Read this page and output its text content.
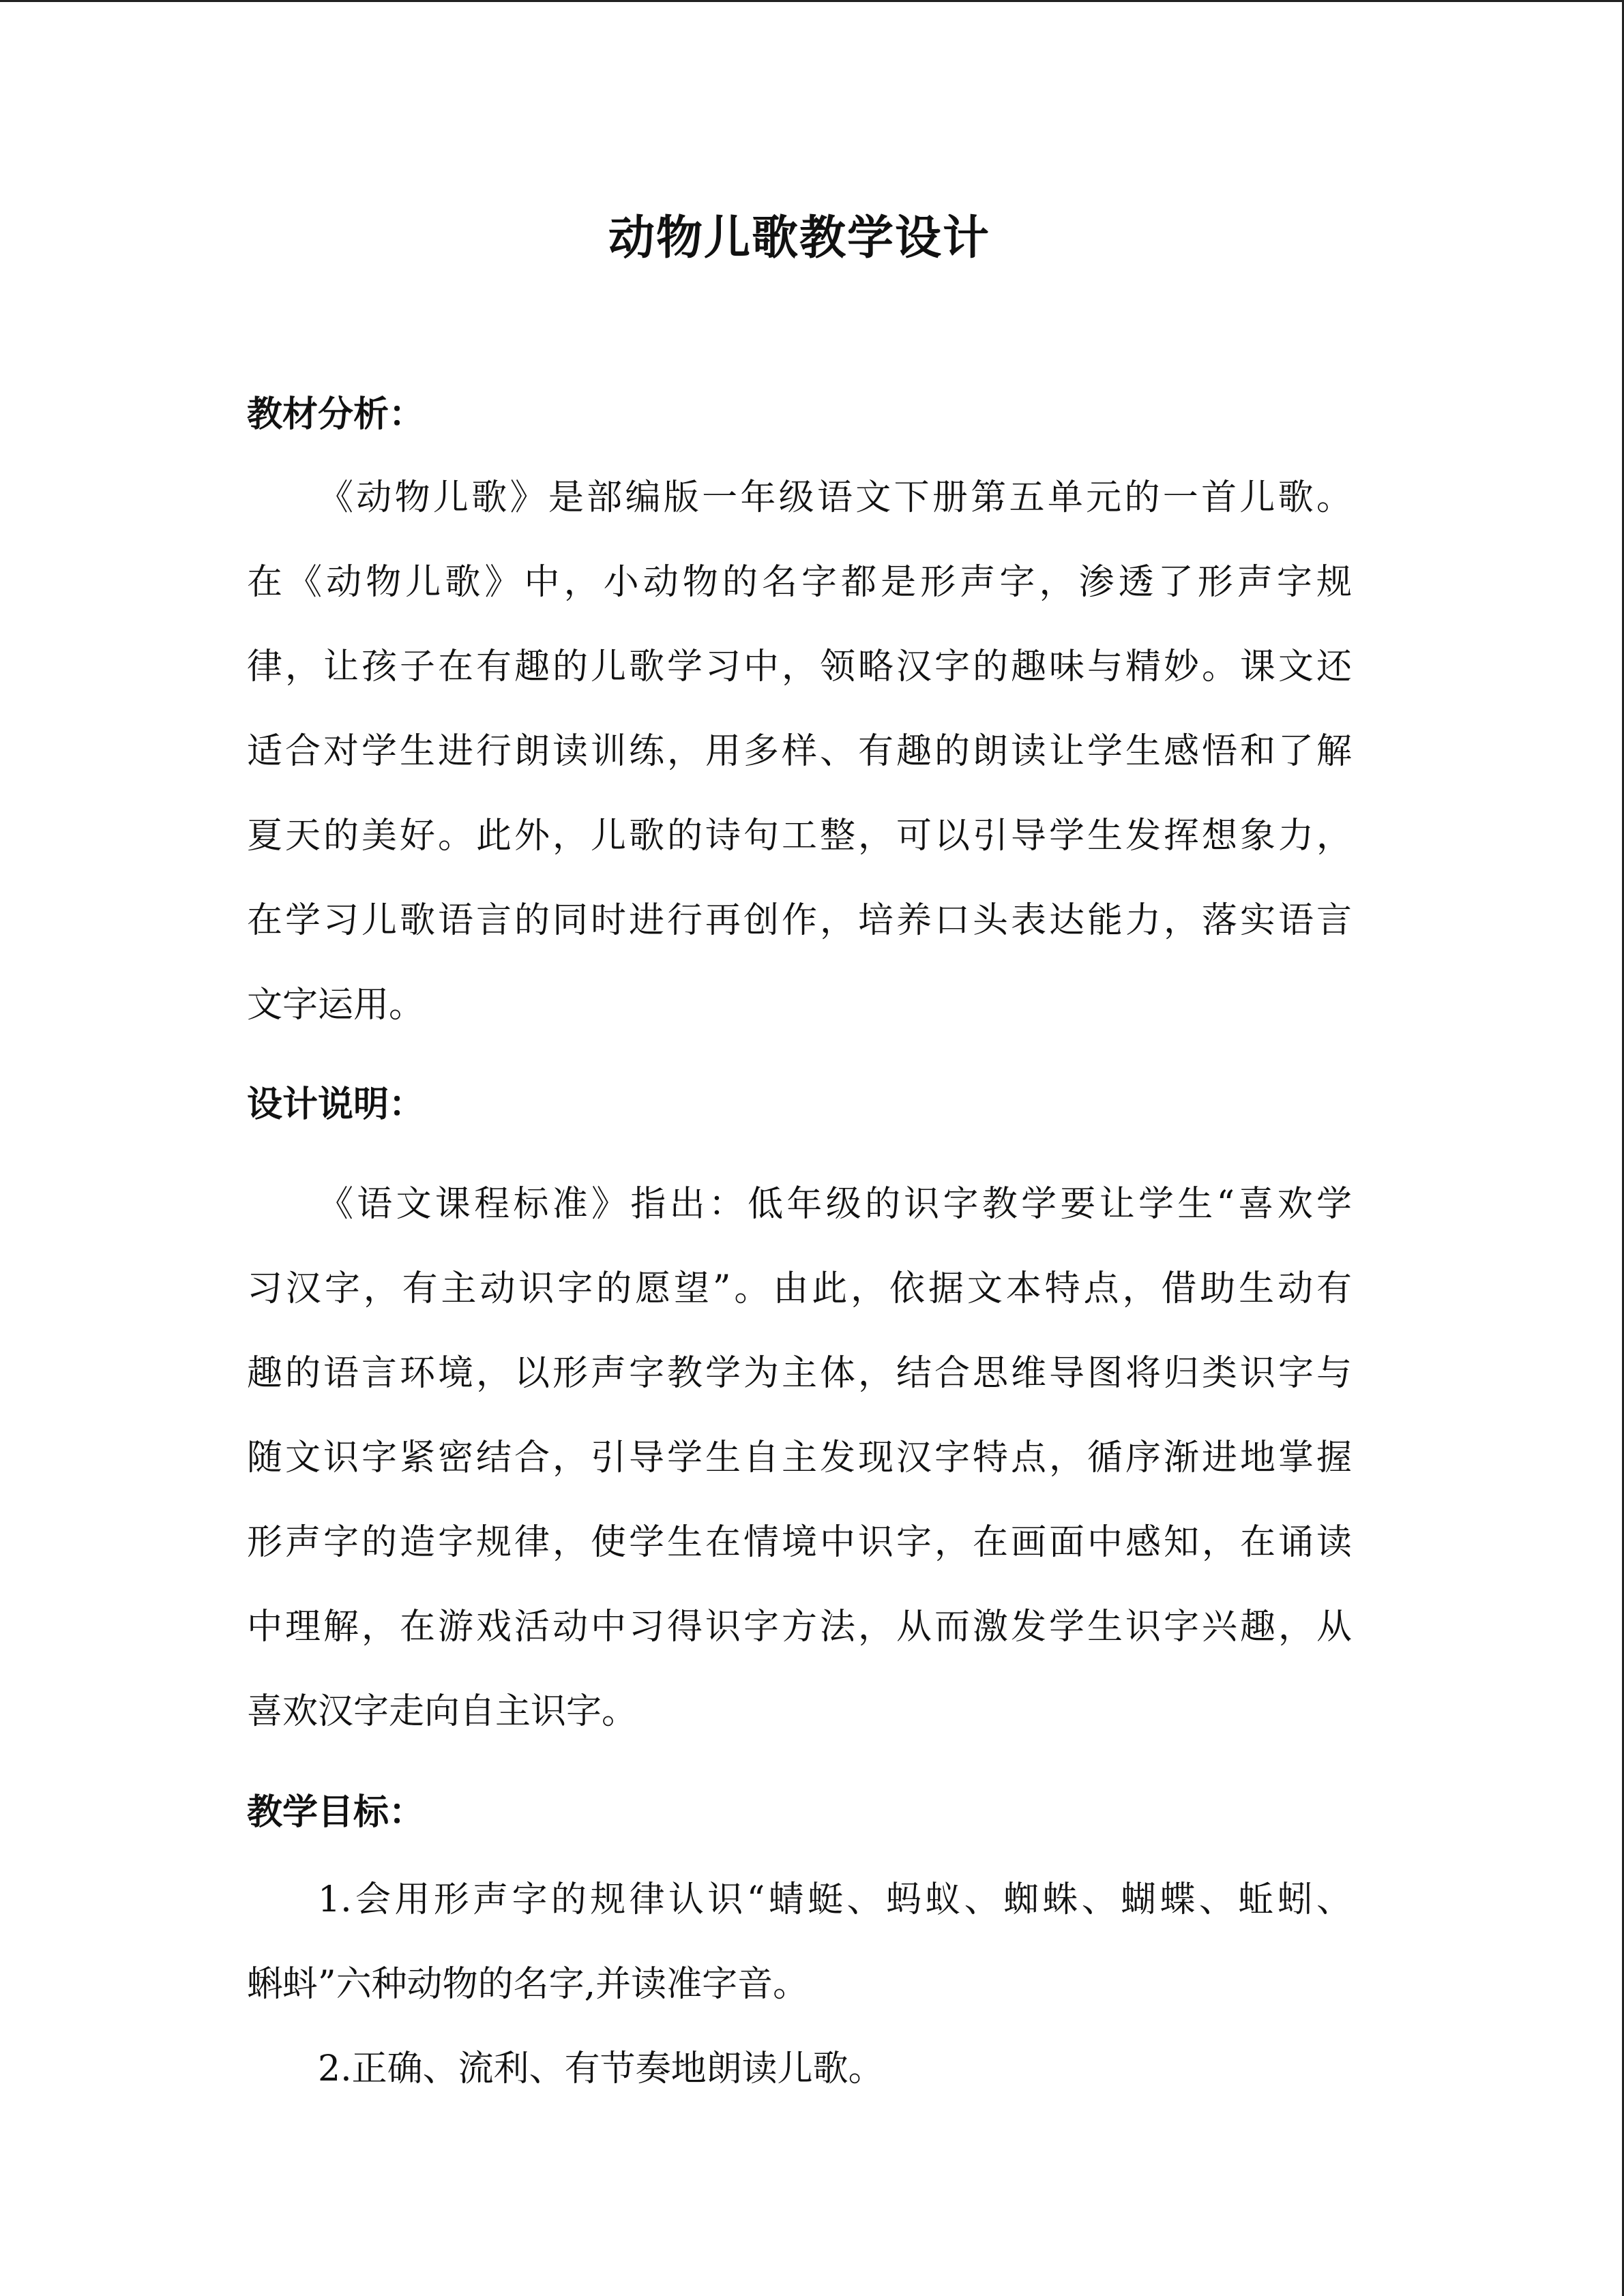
动物儿歌教学设计
教材分析：
《动物儿歌》是部编版一年级语文下册第五单元的一首儿歌。
在《动物儿歌》中，小动物的名字都是形声字，渗透了形声字规
律，让孩子在有趣的儿歌学习中，领略汉字的趣味与精妙。课文还
适合对学生进行朗读训练，用多样、有趣的朗读让学生感悟和了解
夏天的美好。此外，儿歌的诗句工整，可以引导学生发挥想象力，
在学习儿歌语言的同时进行再创作，培养口头表达能力，落实语言
文字运用。
设计说明：
《语文课程标准》指出：低年级的识字教学要让学生“喜欢学
习汉字，有主动识字的愿望”。由此，依据文本特点，借助生动有
趣的语言环境，以形声字教学为主体，结合思维导图将归类识字与
随文识字紧密结合，引导学生自主发现汉字特点，循序渐进地掌握
形声字的造字规律，使学生在情境中识字，在画面中感知，在诵读
中理解，在游戏活动中习得识字方法，从而激发学生识字兴趣，从
喜欢汉字走向自主识字。
教学目标：
1.会用形声字的规律认识“蜻蜓、蚂蚁、蜘蛛、蝴蝶、蚯蚓、
蝌蚪”六种动物的名字,并读准字音。
2.正确、流利、有节奏地朗读儿歌。
